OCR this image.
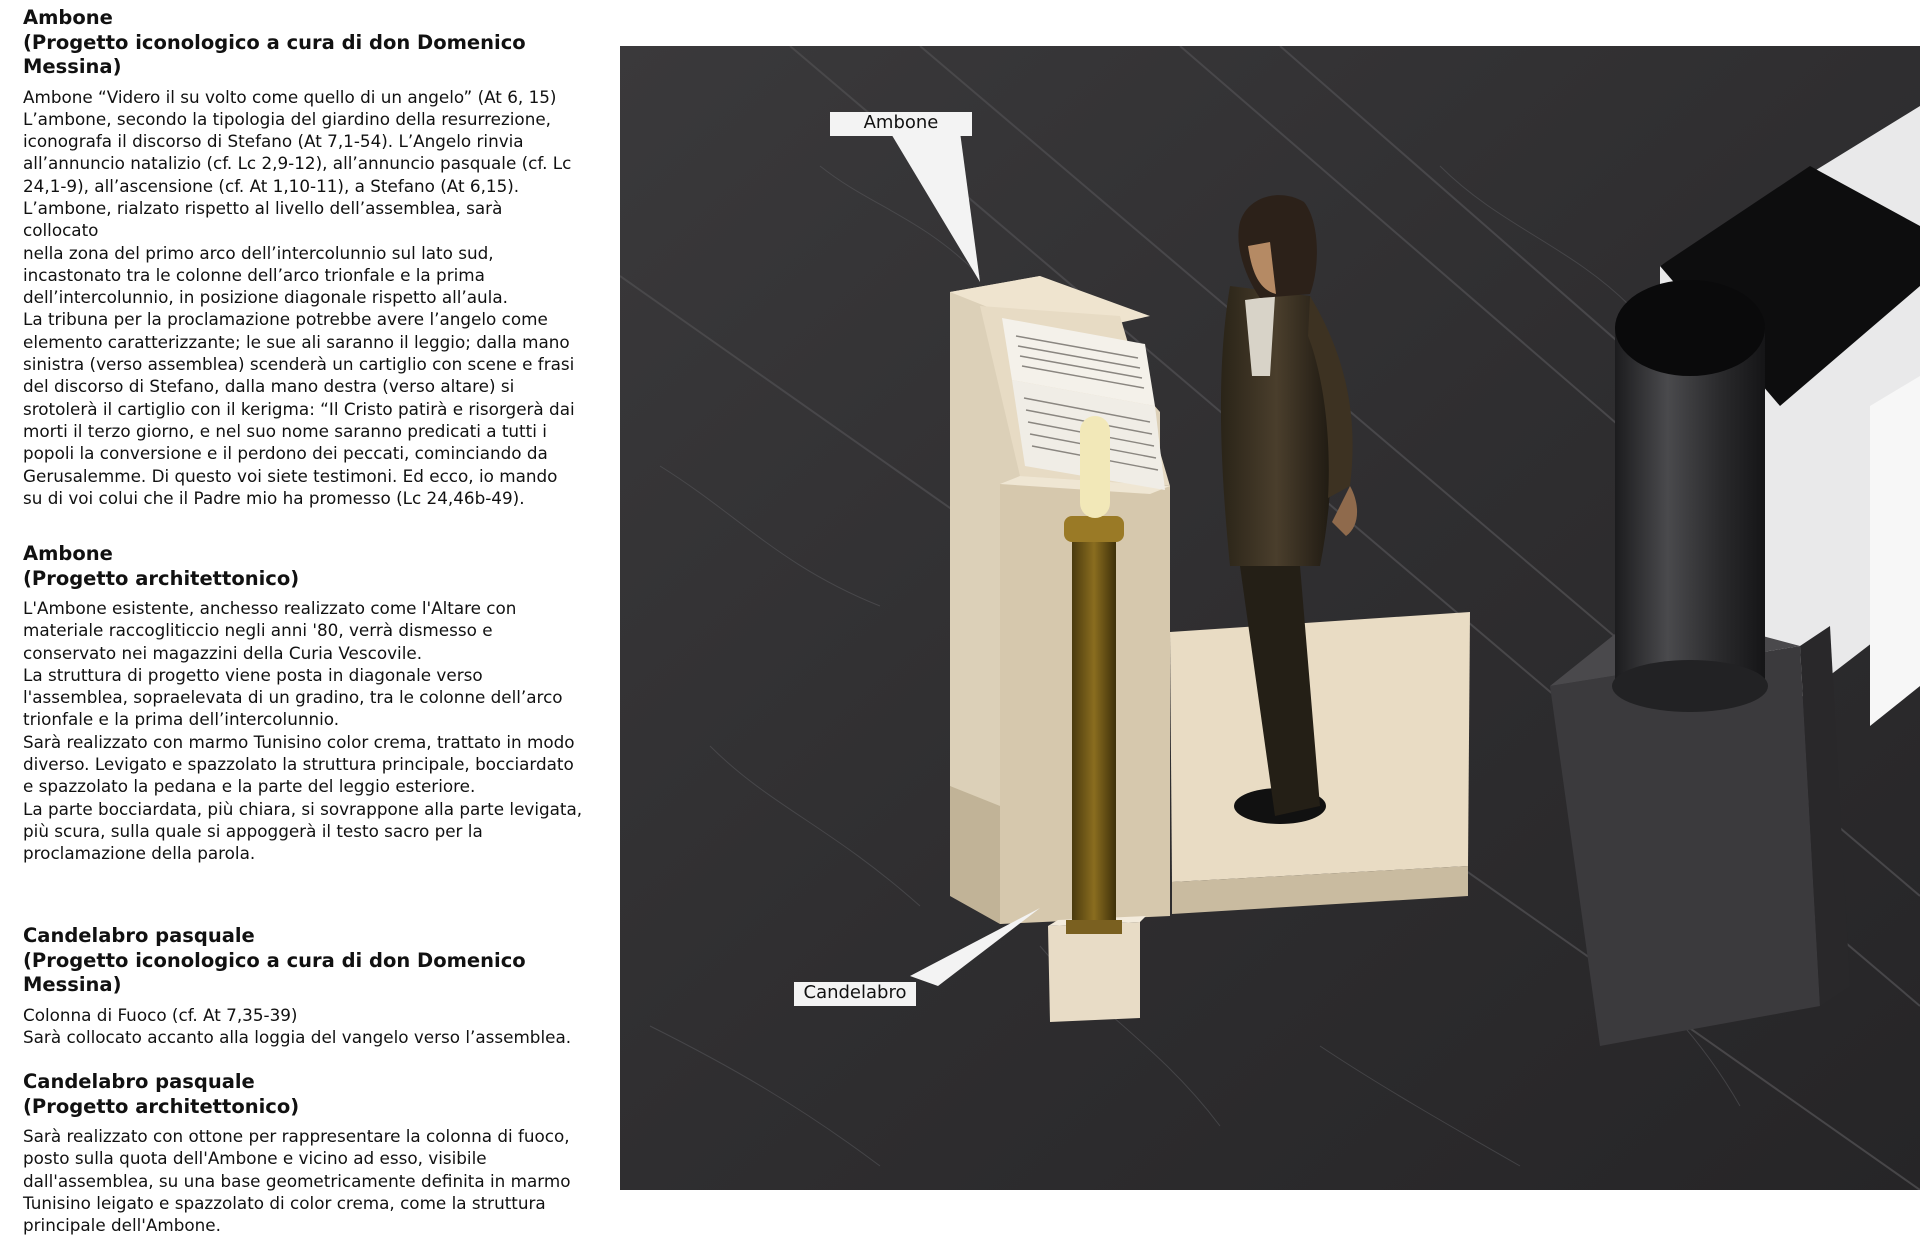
Ambone
(Progetto iconologico a cura di don Domenico
Messina)

Ambone “Videro il su volto come quello di un angelo” (At 6, 15)

L’ambone, secondo la tipologia del giardino della resurrezione,

iconografa il discorso di Stefano (At 7,1-54). L’Angelo rinvia

all’annuncio natalizio (cf. Lc 2,9-12), all’annuncio pasquale (cf. Lc

24,1-9), all’ascensione (cf. At 1,10-11), a Stefano (At 6,15).

L’ambone, rialzato rispetto al livello dell’assemblea, sarà collocato

nella zona del primo arco dell’intercolunnio sul lato sud,

incastonato tra le colonne dell’arco trionfale e la prima

dell’intercolunnio, in posizione diagonale rispetto all’aula.

La tribuna per la proclamazione potrebbe avere l’angelo come

elemento caratterizzante; le sue ali saranno il leggio; dalla mano

sinistra (verso assemblea) scenderà un cartiglio con scene e frasi

del discorso di Stefano, dalla mano destra (verso altare) si

srotolerà il cartiglio con il kerigma: “Il Cristo patirà e risorgerà dai

morti il terzo giorno, e nel suo nome saranno predicati a tutti i

popoli la conversione e il perdono dei peccati, cominciando da

Gerusalemme. Di questo voi siete testimoni. Ed ecco, io mando

su di voi colui che il Padre mio ha promesso (Lc 24,46b-49).

Ambone
(Progetto architettonico)

L'Ambone esistente, anchesso realizzato come l'Altare con

materiale raccogliticcio negli anni '80, verrà dismesso e

conservato nei magazzini della Curia Vescovile.

La struttura di progetto viene posta in diagonale verso

l'assemblea, sopraelevata di un gradino, tra le colonne dell’arco

trionfale e la prima dell’intercolunnio.

Sarà realizzato con marmo Tunisino color crema, trattato in modo

diverso. Levigato e spazzolato la struttura principale, bocciardato

e spazzolato la pedana e la parte del leggio esteriore.

La parte bocciardata, più chiara, si sovrappone alla parte levigata,

più scura, sulla quale si appoggerà il testo sacro per la

proclamazione della parola.

Candelabro pasquale
(Progetto iconologico a cura di don Domenico
Messina)

Colonna di Fuoco (cf. At 7,35-39)

Sarà collocato accanto alla loggia del vangelo verso l’assemblea.

Candelabro pasquale
(Progetto architettonico)

Sarà realizzato con ottone per rappresentare la colonna di fuoco,

posto sulla quota dell'Ambone e vicino ad esso, visibile

dall'assemblea, su una base geometricamente definita in marmo

Tunisino leigato e spazzolato di color crema, come la struttura

principale dell'Ambone.

Ambone
Candelabro
